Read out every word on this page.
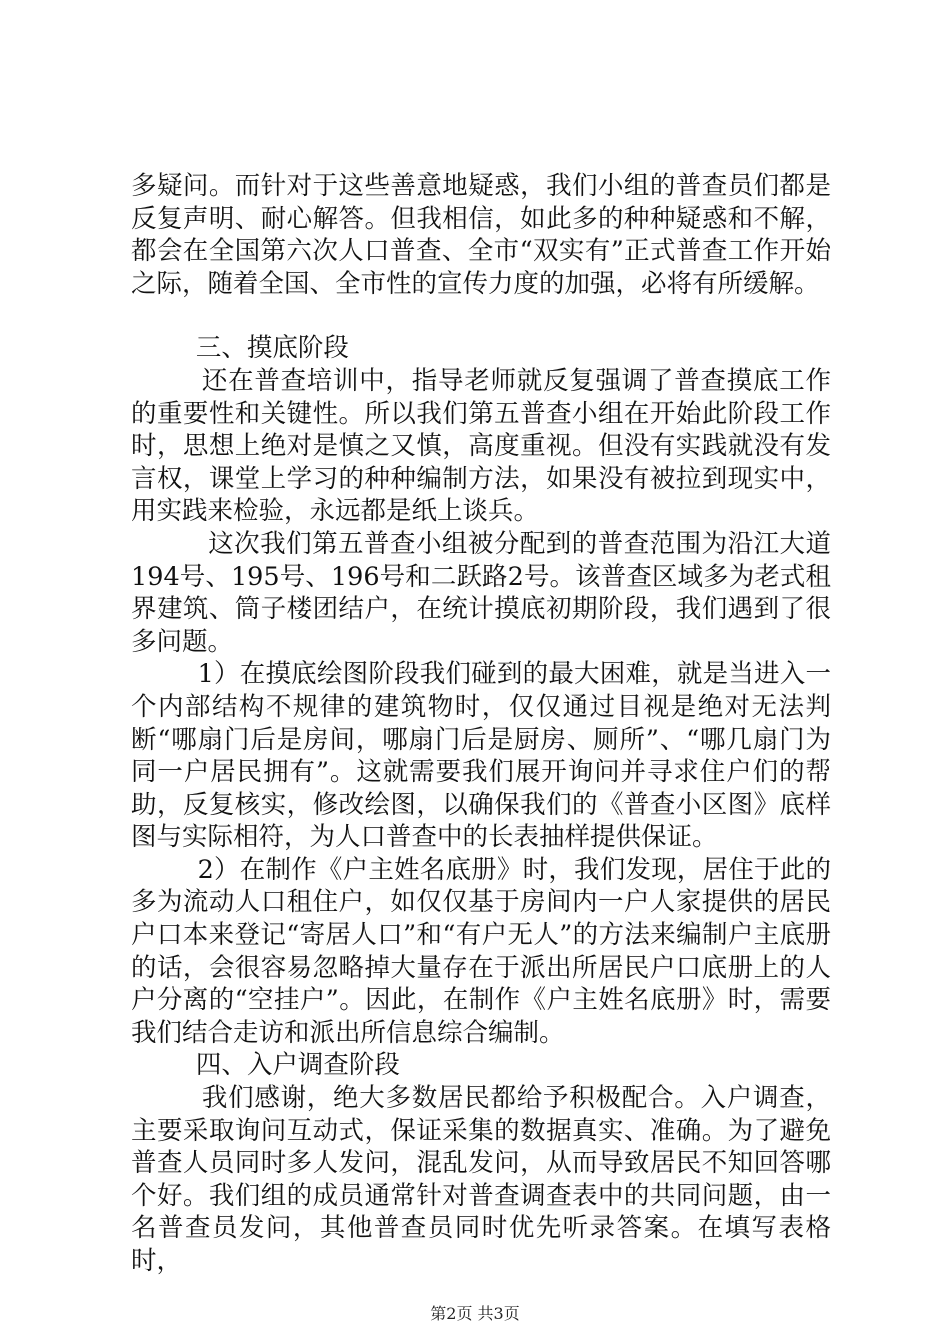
多疑问。而针对于这些善意地疑惑，我们小组的普查员们都是反复声明、耐心解答。但我相信，如此多的种种疑惑和不解，都会在全国第六次人口普查、全市“双实有”正式普查工作开始之际，随着全国、全市性的宣传力度的加强，必将有所缓解。

三、摸底阶段

还在普查培训中，指导老师就反复强调了普查摸底工作的重要性和关键性。所以我们第五普查小组在开始此阶段工作时，思想上绝对是慎之又慎，高度重视。但没有实践就没有发言权，课堂上学习的种种编制方法，如果没有被拉到现实中，用实践来检验，永远都是纸上谈兵。

这次我们第五普查小组被分配到的普查范围为沿江大道194号、195号、196号和二跃路2号。该普查区域多为老式租界建筑、筒子楼团结户，在统计摸底初期阶段，我们遇到了很多问题。

1）在摸底绘图阶段我们碰到的最大困难，就是当进入一个内部结构不规律的建筑物时，仅仅通过目视是绝对无法判断“哪扇门后是房间，哪扇门后是厨房、厕所”、“哪几扇门为同一户居民拥有”。这就需要我们展开询问并寻求住户们的帮助，反复核实，修改绘图，以确保我们的《普查小区图》底样图与实际相符，为人口普查中的长表抽样提供保证。

2）在制作《户主姓名底册》时，我们发现，居住于此的多为流动人口租住户，如仅仅基于房间内一户人家提供的居民户口本来登记“寄居人口”和“有户无人”的方法来编制户主底册的话，会很容易忽略掉大量存在于派出所居民户口底册上的人户分离的“空挂户”。因此，在制作《户主姓名底册》时，需要我们结合走访和派出所信息综合编制。

四、入户调查阶段

我们感谢，绝大多数居民都给予积极配合。入户调查，主要采取询问互动式，保证采集的数据真实、准确。为了避免普查人员同时多人发问，混乱发问，从而导致居民不知回答哪个好。我们组的成员通常针对普查调查表中的共同问题，由一名普查员发问，其他普查员同时优先听录答案。在填写表格时，

第2页 共3页
